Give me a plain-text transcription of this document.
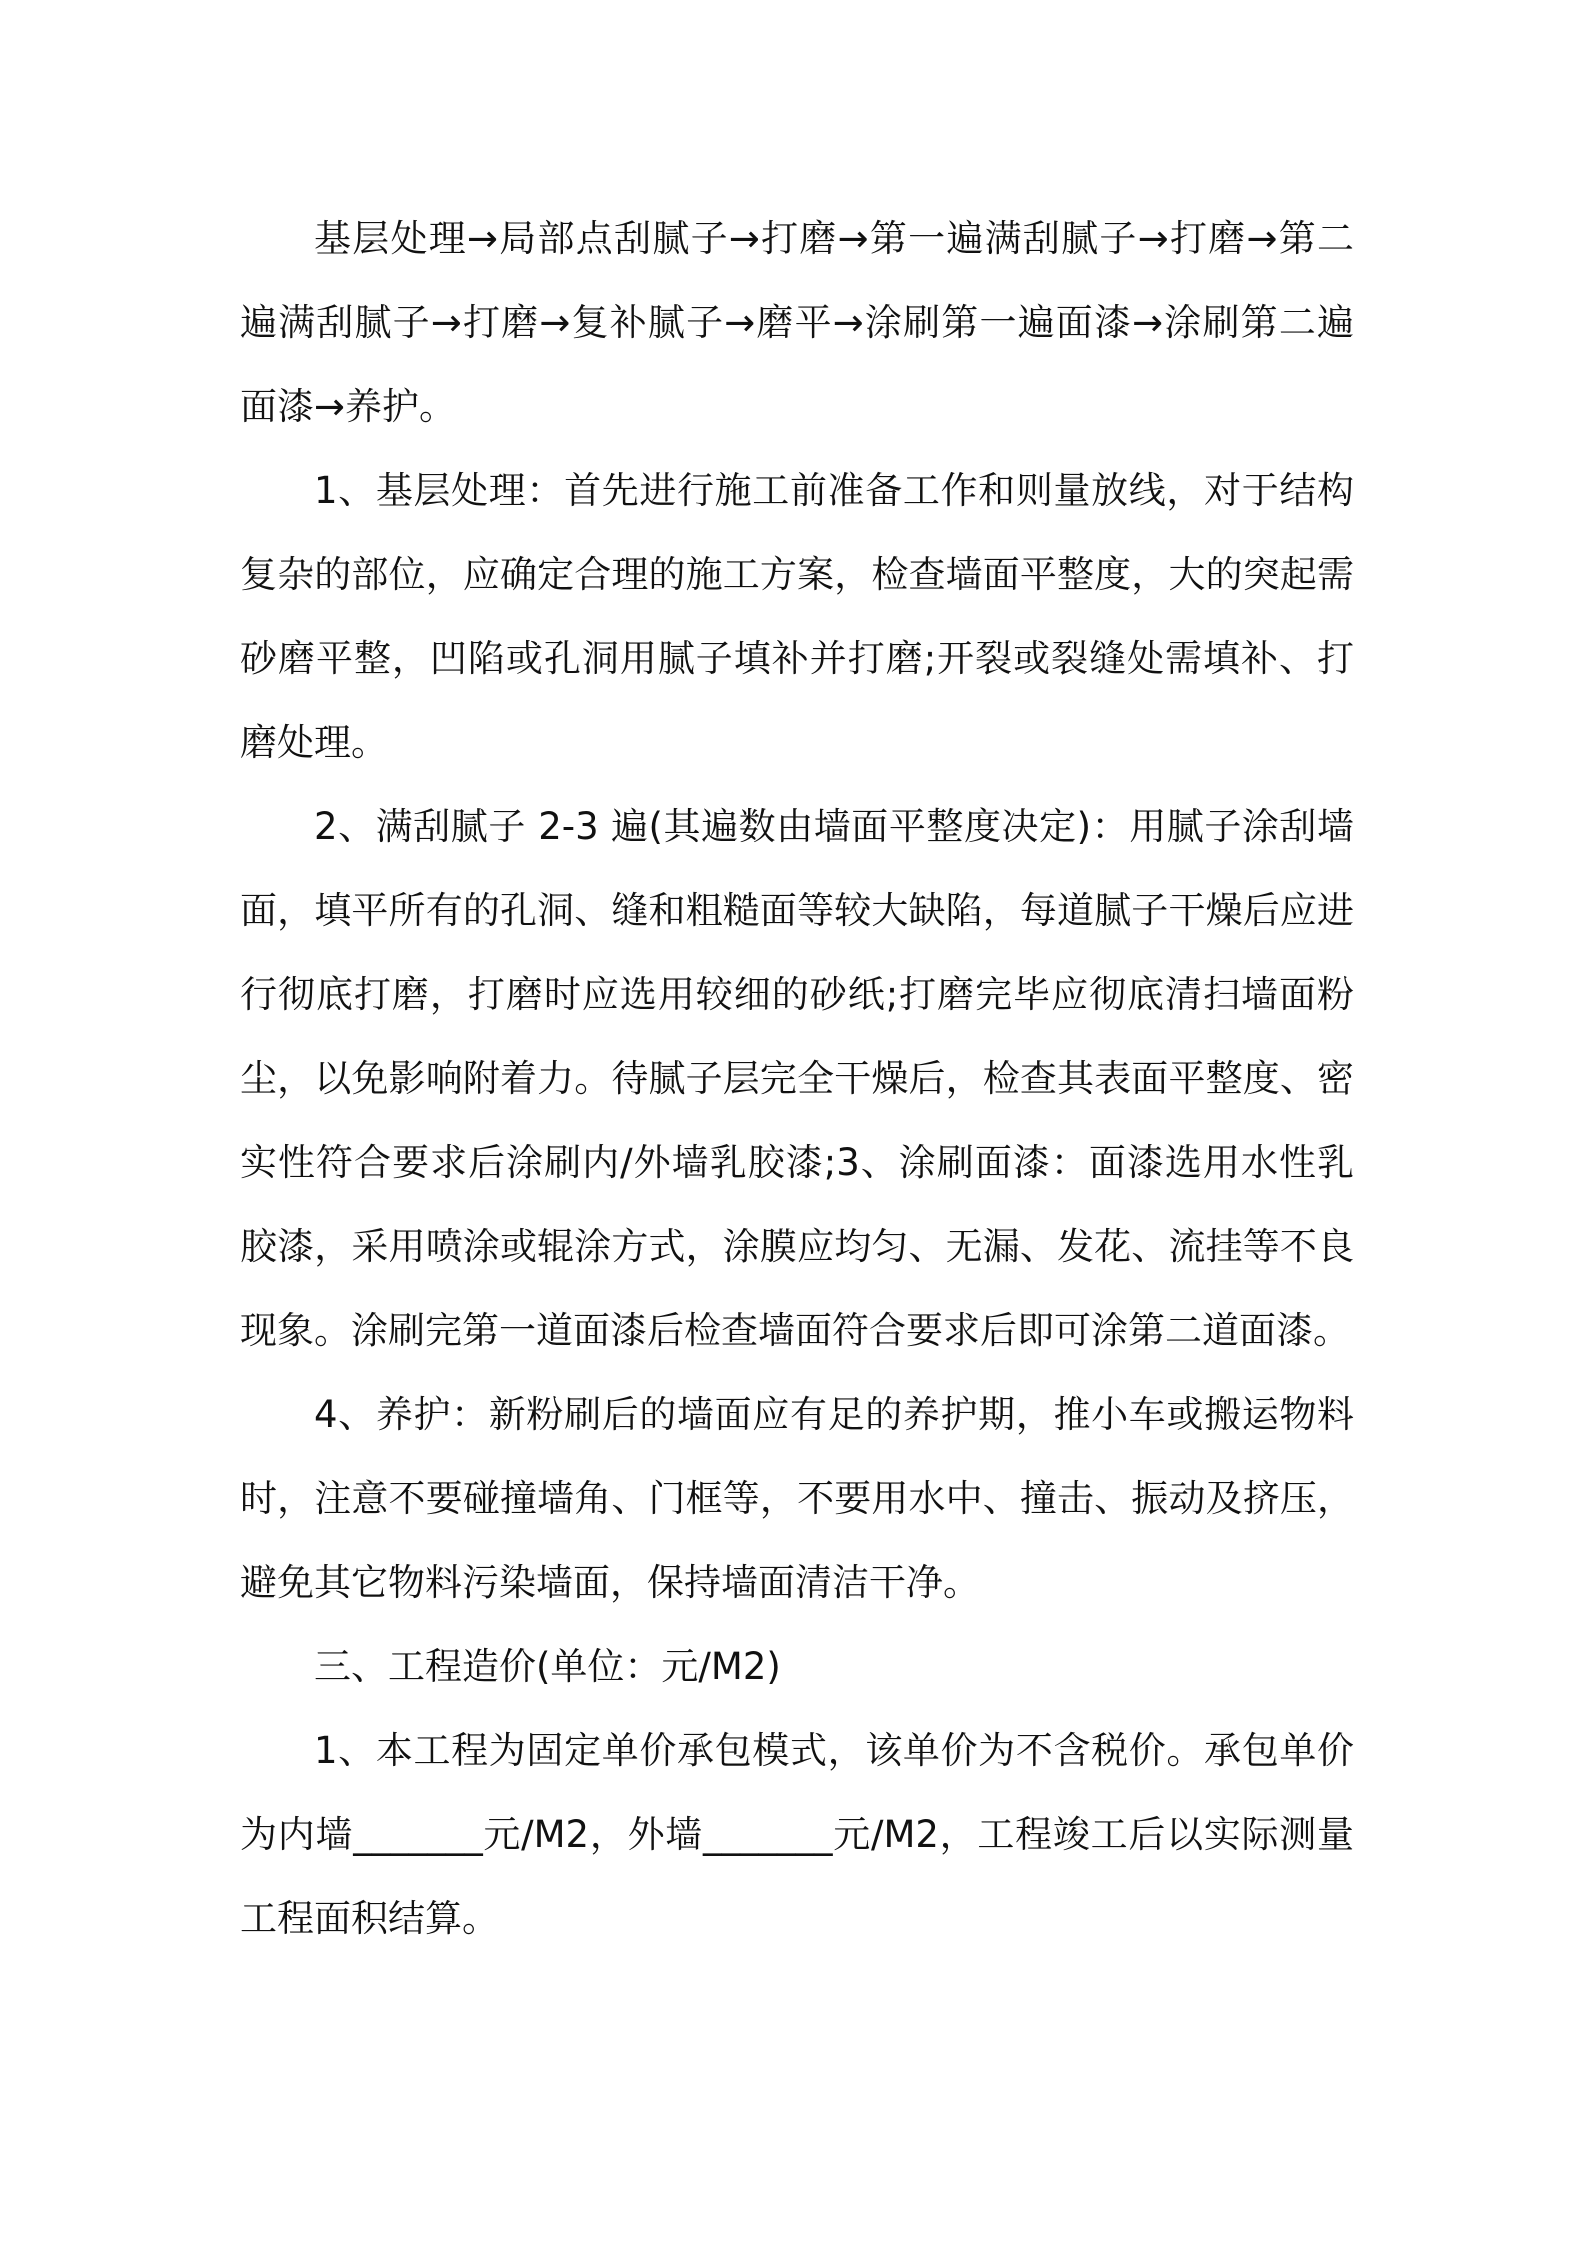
基层处理→局部点刮腻子→打磨→第一遍满刮腻子→打磨→第二遍满刮腻子→打磨→复补腻子→磨平→涂刷第一遍面漆→涂刷第二遍面漆→养护。

1、基层处理：首先进行施工前准备工作和则量放线，对于结构复杂的部位，应确定合理的施工方案，检查墙面平整度，大的突起需砂磨平整，凹陷或孔洞用腻子填补并打磨;开裂或裂缝处需填补、打磨处理。

2、满刮腻子 2-3 遍(其遍数由墙面平整度决定)：用腻子涂刮墙面，填平所有的孔洞、缝和粗糙面等较大缺陷，每道腻子干燥后应进行彻底打磨，打磨时应选用较细的砂纸;打磨完毕应彻底清扫墙面粉尘，以免影响附着力。待腻子层完全干燥后，检查其表面平整度、密实性符合要求后涂刷内/外墙乳胶漆;3、涂刷面漆：面漆选用水性乳胶漆，采用喷涂或辊涂方式，涂膜应均匀、无漏、发花、流挂等不良现象。涂刷完第一道面漆后检查墙面符合要求后即可涂第二道面漆。

4、养护：新粉刷后的墙面应有足的养护期，推小车或搬运物料时，注意不要碰撞墙角、门框等，不要用水中、撞击、振动及挤压，避免其它物料污染墙面，保持墙面清洁干净。

三、工程造价(单位：元/M2)

1、本工程为固定单价承包模式，该单价为不含税价。承包单价为内墙_______元/M2，外墙_______元/M2，工程竣工后以实际测量工程面积结算。
